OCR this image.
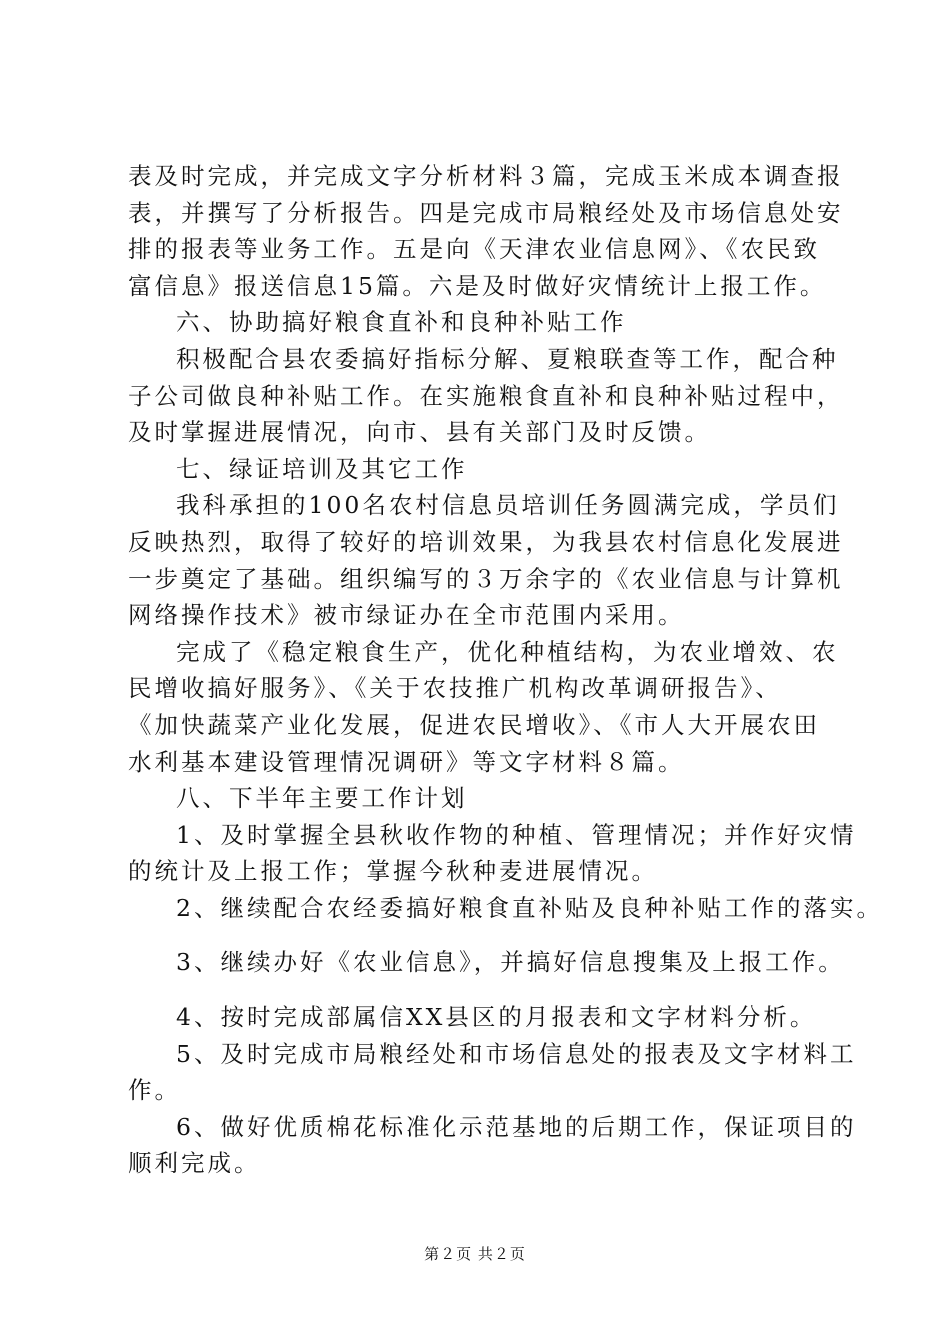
表及时完成，并完成文字分析材料３篇，完成玉米成本调查报

表，并撰写了分析报告。四是完成市局粮经处及市场信息处安

排的报表等业务工作。五是向《天津农业信息网》、《农民致

富信息》报送信息15篇。六是及时做好灾情统计上报工作。

六、协助搞好粮食直补和良种补贴工作

积极配合县农委搞好指标分解、夏粮联查等工作，配合种

子公司做良种补贴工作。在实施粮食直补和良种补贴过程中，

及时掌握进展情况，向市、县有关部门及时反馈。

七、绿证培训及其它工作

我科承担的100名农村信息员培训任务圆满完成，学员们

反映热烈，取得了较好的培训效果，为我县农村信息化发展进

一步奠定了基础。组织编写的３万余字的《农业信息与计算机

网络操作技术》被市绿证办在全市范围内采用。

完成了《稳定粮食生产，优化种植结构，为农业增效、农

民增收搞好服务》、《关于农技推广机构改革调研报告》、

《加快蔬菜产业化发展，促进农民增收》、《市人大开展农田

水利基本建设管理情况调研》等文字材料８篇。

八、下半年主要工作计划

1、及时掌握全县秋收作物的种植、管理情况；并作好灾情

的统计及上报工作；掌握今秋种麦进展情况。

2、继续配合农经委搞好粮食直补贴及良种补贴工作的落实。

3、继续办好《农业信息》，并搞好信息搜集及上报工作。

4、按时完成部属信XX县区的月报表和文字材料分析。

5、及时完成市局粮经处和市场信息处的报表及文字材料工

作。

6、做好优质棉花标准化示范基地的后期工作，保证项目的

顺利完成。

第２页 共２页
